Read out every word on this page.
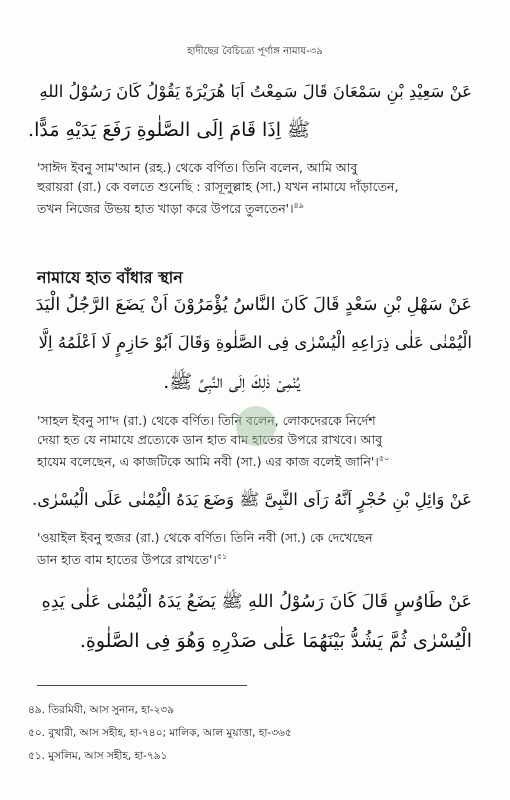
হাদীছের বৈচিত্র্যে পূর্ণাঙ্গ নামায-৩৯
عَنْ سَعِيْدِ بْنِ سَمْعَانَ قَالَ سَمِعْتُ اَبَا هُرَيْرَةَ يَقُوْلُ كَانَ رَسُوْلُ اللهِ
ﷺ اِذَا قَامَ اِلَى الصَّلٰوةِ رَفَعَ يَدَيْهِ مَدًّا.
'সাঈদ ইবনু সাম'আন (রহ.) থেকে বর্ণিত। তিনি বলেন, আমি আবু
হুরায়রা (রা.) কে বলতে শুনেছি : রাসূলুল্লাহ (সা.) যখন নামাযে দাঁড়াতেন,
তখন নিজের উভয় হাত খাড়া করে উপরে তুলতেন'।$^{৪৯}$
নামাযে হাত বাঁধার স্থান
عَنْ سَهْلِ بْنِ سَعْدٍ قَالَ كَانَ النَّاسُ يُؤْمَرُوْنَ اَنْ يَضَعَ الرَّجُلُ الْيَدَ
الْيُمْنٰى عَلٰى ذِرَاعِهِ الْيُسْرٰى فِى الصَّلٰوةِ وَقَالَ اَبُوْ حَازِمٍ لَا اَعْلَمُهُ اِلَّا
يُنْمِىْ ذٰلِكَ اِلَى النَّبِىِّ ﷺ.
'সাহল ইবনু সা'দ (রা.) থেকে বর্ণিত। তিনি বলেন, লোকদেরকে নির্দেশ
দেয়া হত যে নামাযে প্রত্যেকে ডান হাত বাম হাতের উপরে রাখবে। আবু
হাযেম বলেছেন, এ কাজটিকে আমি নবী (সা.) এর কাজ বলেই জানি'।$^{৫০}$
عَنْ وَائِلِ بْنِ حُجْرٍ اَنَّهُ رَاَى النَّبِىَّ ﷺ وَضَعَ يَدَهُ الْيُمْنٰى عَلَى الْيُسْرٰى.
'ওয়াইল ইবনু হুজর (রা.) থেকে বর্ণিত। তিনি নবী (সা.) কে দেখেছেন
ডান হাত বাম হাতের উপরে রাখতে'।$^{৫১}$
عَنْ طَاوُسٍ قَالَ كَانَ رَسُوْلُ اللهِ ﷺ يَضَعُ يَدَهُ الْيُمْنٰى عَلٰى يَدِهِ
الْيُسْرٰى ثُمَّ يَشُدُّ بَيْنَهُمَا عَلٰى صَدْرِهِ وَهُوَ فِى الصَّلٰوةِ.
৪৯. তিরমিযী, আস সুনান, হা-২৩৯
৫০. বুখারী, আস সহীহ, হা-৭৪০; মালিক, আল মুয়াত্তা, হা-৩৬৫
৫১. মুসলিম, আস সহীহ, হা-৭৯১
